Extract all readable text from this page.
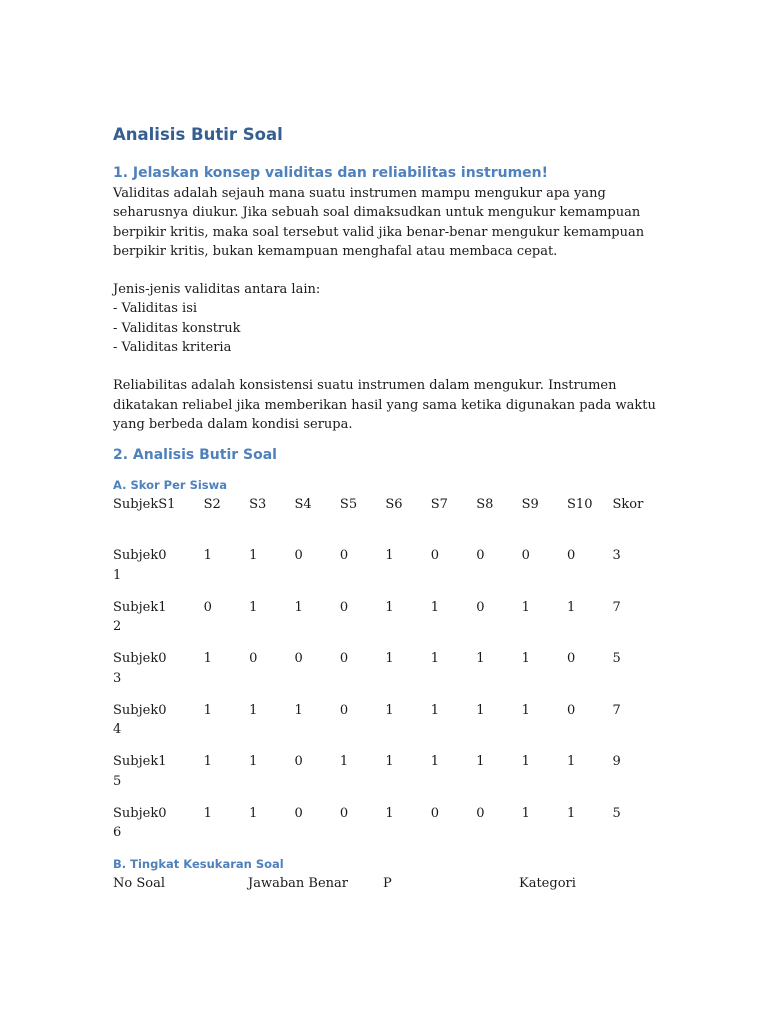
Analisis Butir Soal
1. Jelaskan konsep validitas dan reliabilitas instrumen!

Validitas adalah sejauh mana suatu instrumen mampu mengukur apa yang seharusnya diukur. Jika sebuah soal dimaksudkan untuk mengukur kemampuan berpikir kritis, maka soal tersebut valid jika benar-benar mengukur kemampuan berpikir kritis, bukan kemampuan menghafal atau membaca cepat.

Jenis-jenis validitas antara lain:
- Validitas isi
- Validitas konstruk
- Validitas kriteria

Reliabilitas adalah konsistensi suatu instrumen dalam mengukur. Instrumen dikatakan reliabel jika memberikan hasil yang sama ketika digunakan pada waktu yang berbeda dalam kondisi serupa.

2. Analisis Butir Soal
A. Skor Per Siswa
Subjek	S1	S2	S3	S4	S5	S6	S7	S8	S9	S10	Skor
Subjek 1	0	1	1	0	0	1	0	0	0	0	3
Subjek 2	1	0	1	1	0	1	1	0	1	1	7
Subjek 3	0	1	0	0	0	1	1	1	1	0	5
Subjek 4	0	1	1	1	0	1	1	1	1	0	7
Subjek 5	1	1	1	0	1	1	1	1	1	1	9
Subjek 6	0	1	1	0	0	1	0	0	1	1	5
B. Tingkat Kesukaran Soal
No Soal	Jawaban Benar	P	Kategori
